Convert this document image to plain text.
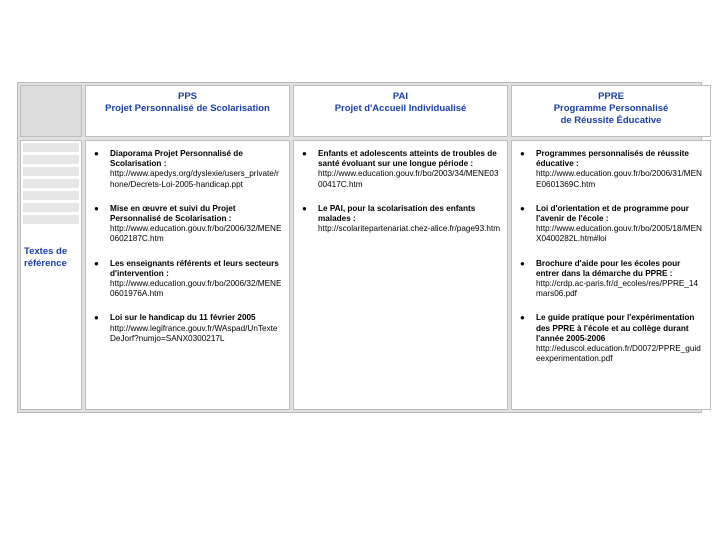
PPS
Projet Personnalisé de Scolarisation
PAI
Projet d'Accueil Individualisé
PPRE
Programme Personnalisé
de Réussite Éducative
Textes de
référence
● Diaporama Projet Personnalisé de Scolarisation :
http://www.apedys.org/dyslexie/users_private/rhone/Decrets-Loi-2005-handicap.ppt
● Mise en œuvre et suivi du Projet Personnalisé de Scolarisation :
http://www.education.gouv.fr/bo/2006/32/MENE0602187C.htm
● Les enseignants référents et leurs secteurs d'intervention :
http://www.education.gouv.fr/bo/2006/32/MENE0601976A.htm
● Loi sur le handicap du 11 février 2005
http://www.legifrance.gouv.fr/WAspad/UnTexteDeJorf?numjo=SANX0300217L
● Enfants et adolescents atteints de troubles de santé évoluant sur une longue période :
http://www.education.gouv.fr/bo/2003/34/MENE0300417C.htm
● Le PAI, pour la scolarisation des enfants malades :
http://scolaritepartenariat.chez-alice.fr/page93.htm
● Programmes personnalisés de réussite éducative :
http://www.education.gouv.fr/bo/2006/31/MENE0601369C.htm
● Loi d'orientation et de programme pour l'avenir de l'école :
http://www.education.gouv.fr/bo/2005/18/MENX0400282L.htm#loi
● Brochure d'aide pour les écoles pour entrer dans la démarche du PPRE :
http://crdp.ac-paris.fr/d_ecoles/res/PPRE_14mars06.pdf
● Le guide pratique pour l'expérimentation des PPRE à l'école et au collège durant l'année 2005-2006
http://eduscol.education.fr/D0072/PPRE_guideexperimentation.pdf
